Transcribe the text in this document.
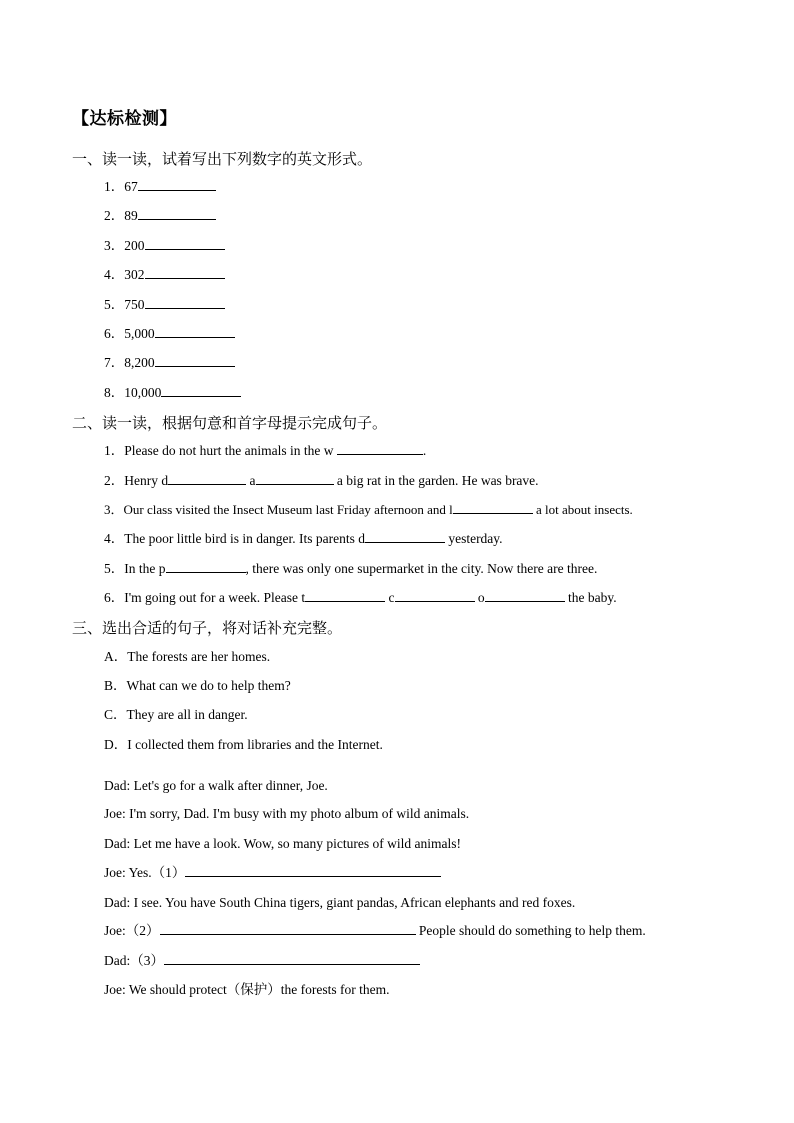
【达标检测】
一、读一读，试着写出下列数字的英文形式。
1．67
2．89
3．200
4．302
5．750
6．5,000
7．8,200
8．10,000
二、读一读，根据句意和首字母提示完成句子。
1．Please do not hurt the animals in the w	.
2．Henry d	a	a big rat in the garden. He was brave.
3．Our class visited the Insect Museum last Friday afternoon and l	a lot about insects.
4．The poor little bird is in danger. Its parents d	yesterday.
5．In the p	, there was only one supermarket in the city. Now there are three.
6．I'm going out for a week. Please t	c	o	the baby.
三、选出合适的句子，将对话补充完整。
A．The forests are her homes.
B．What can we do to help them?
C．They are all in danger.
D．I collected them from libraries and the Internet.
Dad: Let's go for a walk after dinner, Joe.
Joe: I'm sorry, Dad. I'm busy with my photo album of wild animals.
Dad: Let me have a look. Wow, so many pictures of wild animals!
Joe: Yes.（1）
Dad: I see. You have South China tigers, giant pandas, African elephants and red foxes.
Joe:（2）	People should do something to help them.
Dad:（3）
Joe: We should protect（保护）the forests for them.
